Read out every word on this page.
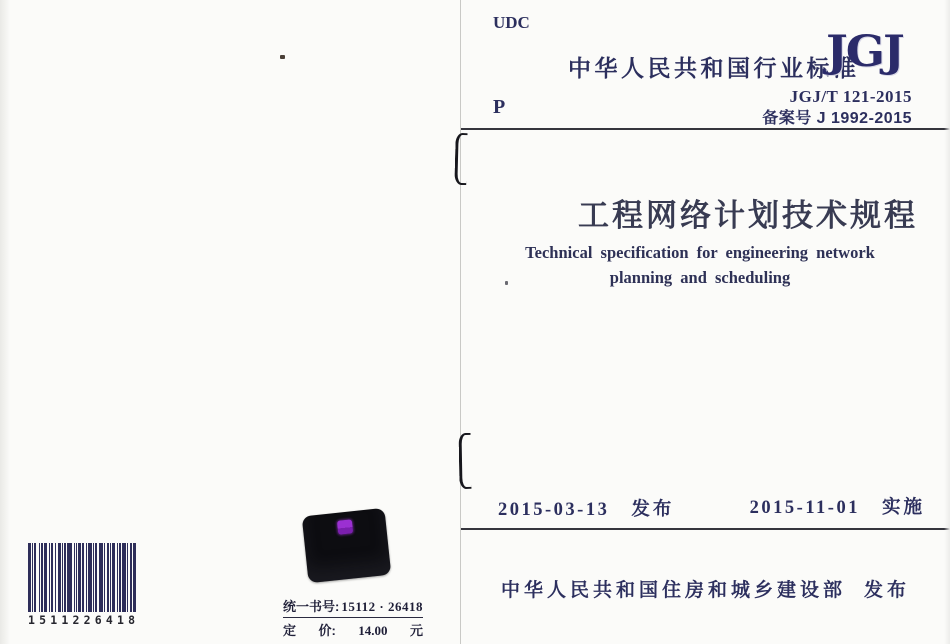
1511226418
统一书号: 15112 · 26418
定 价: 14.00 元
UDC
中华人民共和国行业标准
JGJ
JGJ/T 121-2015
备案号 J 1992-2015
P
工程网络计划技术规程
Technical specification for engineering network
planning and scheduling
2015-03-13 发布	2015-11-01 实施
中华人民共和国住房和城乡建设部 发布
